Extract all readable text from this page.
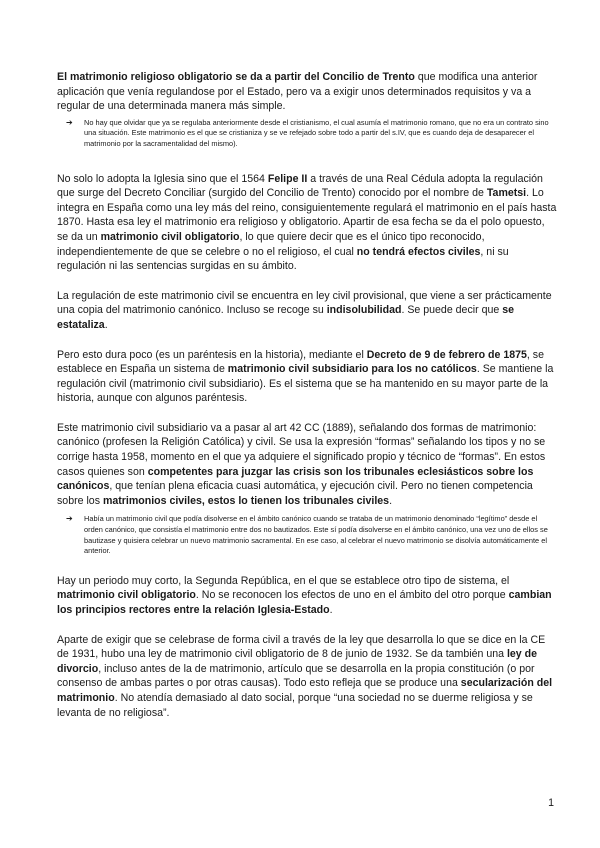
El matrimonio religioso obligatorio se da a partir del Concilio de Trento que modifica una anterior aplicación que venía regulandose por el Estado, pero va a exigir unos determinados requisitos y va a regular de una determinada manera más simple.

➔ No hay que olvidar que ya se regulaba anteriormente desde el cristianismo, el cual asumía el matrimonio romano, que no era un contrato sino una situación. Este matrimonio es el que se cristianiza y se ve refejado sobre todo a partir del s.IV, que es cuando deja de desaparecer el matrimonio por la sacramentalidad del mismo).

No solo lo adopta la Iglesia sino que el 1564 Felipe II a través de una Real Cédula adopta la regulación que surge del Decreto Conciliar (surgido del Concilio de Trento) conocido por el nombre de Tametsi. Lo integra en España como una ley más del reino, consiguientemente regulará el matrimonio en el país hasta 1870. Hasta esa ley el matrimonio era religioso y obligatorio. Apartir de esa fecha se da el polo opuesto, se da un matrimonio civil obligatorio, lo que quiere decir que es el único tipo reconocido, independientemente de que se celebre o no el religioso, el cual no tendrá efectos civiles, ni su regulación ni las sentencias surgidas en su ámbito.

La regulación de este matrimonio civil se encuentra en ley civil provisional, que viene a ser prácticamente una copia del matrimonio canónico. Incluso se recoge su indisolubilidad. Se puede decir que se estataliza.

Pero esto dura poco (es un paréntesis en la historia), mediante el Decreto de 9 de febrero de 1875, se establece en España un sistema de matrimonio civil subsidiario para los no católicos. Se mantiene la regulación civil (matrimonio civil subsidiario). Es el sistema que se ha mantenido en su mayor parte de la historia, aunque con algunos paréntesis.

Este matrimonio civil subsidiario va a pasar al art 42 CC (1889), señalando dos formas de matrimonio: canónico (profesen la Religión Católica) y civil. Se usa la expresión “formas” señalando los tipos y no se corrige hasta 1958, momento en el que ya adquiere el significado propio y técnico de “formas”. En estos casos quienes son competentes para juzgar las crisis son los tribunales eclesiásticos sobre los canónicos, que tenían plena eficacia cuasi automática, y ejecución civil. Pero no tienen competencia sobre los matrimonios civiles, estos lo tienen los tribunales civiles.

➔ Había un matrimonio civil que podía disolverse en el ámbito canónico cuando se trataba de un matrimonio denominado “legítimo” desde el orden canónico, que consistía el matrimonio entre dos no bautizados. Este sí podía disolverse en el ámbito canónico, una vez uno de ellos se bautizase y quisiera celebrar un nuevo matrimonio sacramental. En ese caso, al celebrar el nuevo matrimonio se disolvía automáticamente el anterior.

Hay un periodo muy corto, la Segunda República, en el que se establece otro tipo de sistema, el matrimonio civil obligatorio. No se reconocen los efectos de uno en el ámbito del otro porque cambian los principios rectores entre la relación Iglesia-Estado.

Aparte de exigir que se celebrase de forma civil a través de la ley que desarrolla lo que se dice en la CE de 1931, hubo una ley de matrimonio civil obligatorio de 8 de junio de 1932. Se da también una ley de divorcio, incluso antes de la de matrimonio, artículo que se desarrolla en la propia constitución (o por consenso de ambas partes o por otras causas). Todo esto refleja que se produce una secularización del matrimonio. No atendía demasiado al dato social, porque “una sociedad no se duerme religiosa y se levanta de no religiosa”.

1
